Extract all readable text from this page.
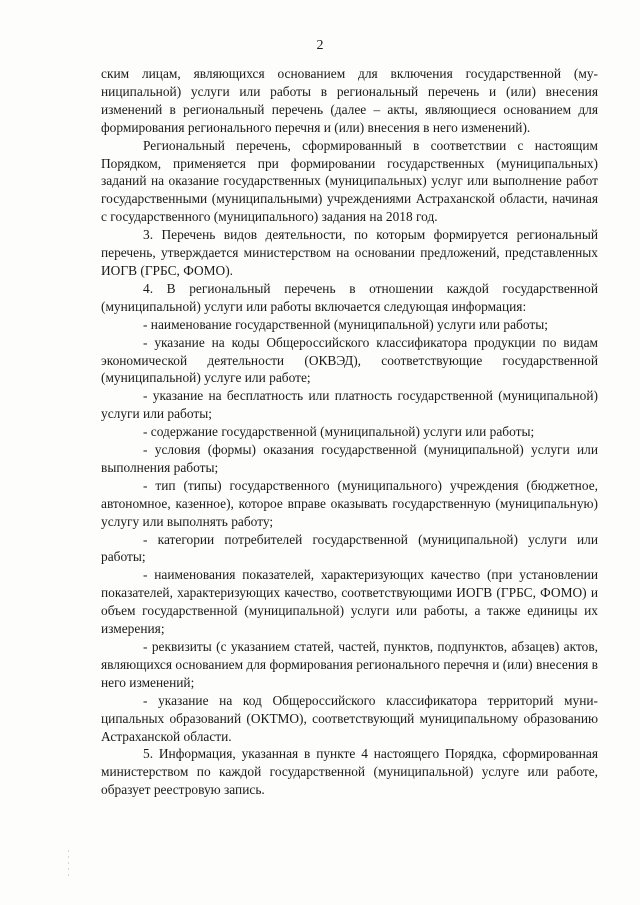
2

ским лицам, являющихся основанием для включения государственной (муниципальной) услуги или работы в региональный перечень и (или) внесения изменений в региональный перечень (далее – акты, являющиеся основанием для формирования регионального перечня и (или) внесения в него изменений).

Региональный перечень, сформированный в соответствии с настоящим Порядком, применяется при формировании государственных (муниципальных) заданий на оказание государственных (муниципальных) услуг или выполнение работ государственными (муниципальными) учреждениями Астраханской области, начиная с государственного (муниципального) задания на 2018 год.

3. Перечень видов деятельности, по которым формируется региональный перечень, утверждается министерством на основании предложений, представленных ИОГВ (ГРБС, ФОМО).

4. В региональный перечень в отношении каждой государственной (муниципальной) услуги или работы включается следующая информация:

- наименование государственной (муниципальной) услуги или работы;

- указание на коды Общероссийского классификатора продукции по видам экономической деятельности (ОКВЭД), соответствующие государственной (муниципальной) услуге или работе;

- указание на бесплатность или платность государственной (муниципальной) услуги или работы;

- содержание государственной (муниципальной) услуги или работы;

- условия (формы) оказания государственной (муниципальной) услуги или выполнения работы;

- тип (типы) государственного (муниципального) учреждения (бюджетное, автономное, казенное), которое вправе оказывать государственную (муниципальную) услугу или выполнять работу;

- категории потребителей государственной (муниципальной) услуги или работы;

- наименования показателей, характеризующих качество (при установлении показателей, характеризующих качество, соответствующими ИОГВ (ГРБС, ФОМО) и объем государственной (муниципальной) услуги или работы, а также единицы их измерения;

- реквизиты (с указанием статей, частей, пунктов, подпунктов, абзацев) актов, являющихся основанием для формирования регионального перечня и (или) внесения в него изменений;

- указание на код Общероссийского классификатора территорий муниципальных образований (ОКТМО), соответствующий муниципальному образованию Астраханской области.

5. Информация, указанная в пункте 4 настоящего Порядка, сформированная министерством по каждой государственной (муниципальной) услуге или работе, образует реестровую запись.
